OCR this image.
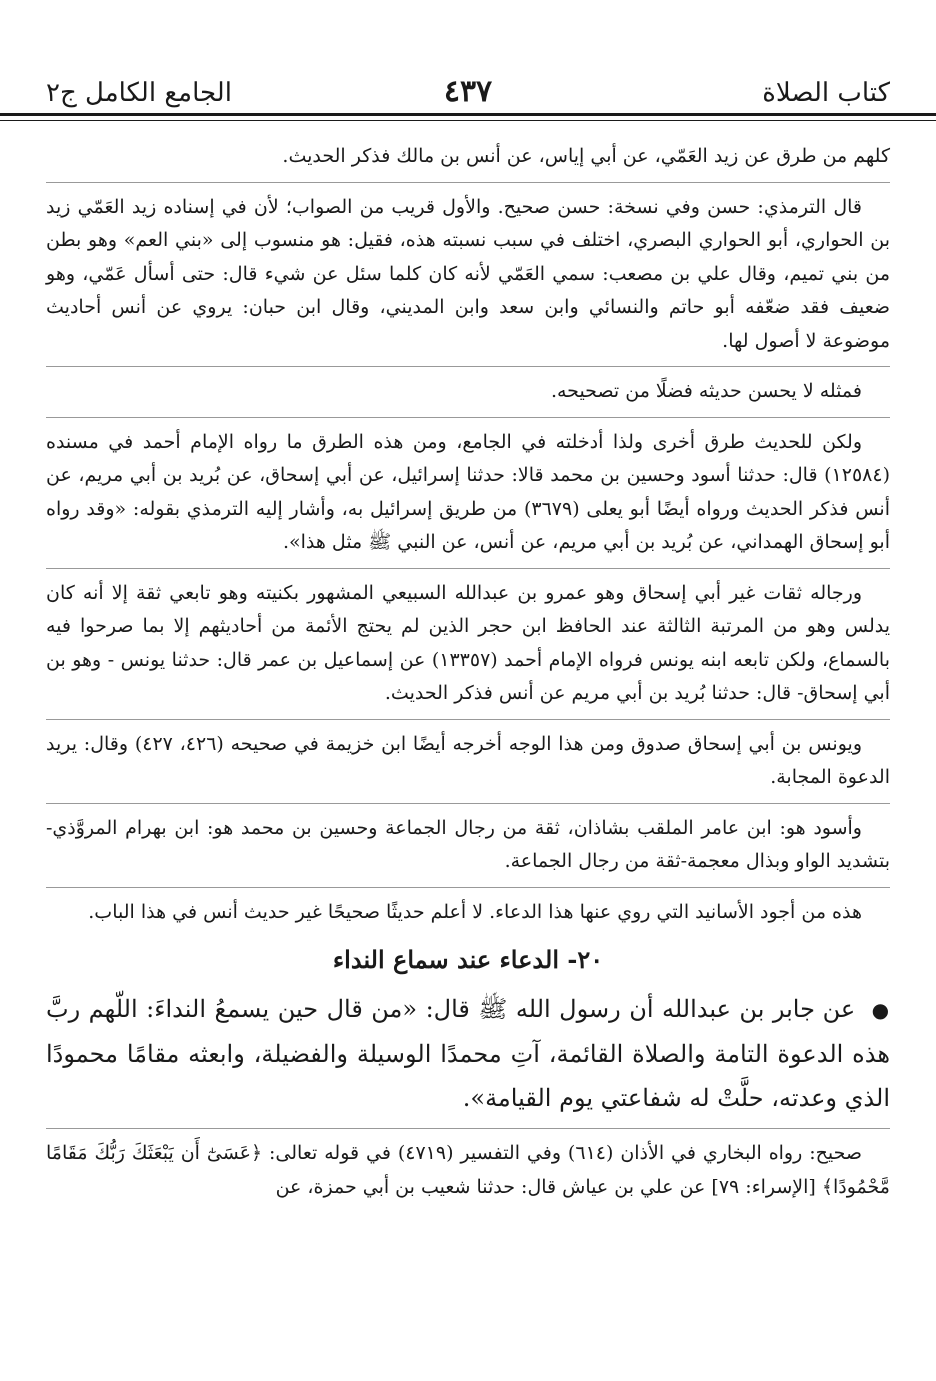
كتاب الصلاة
٤٣٧
الجامع الكامل ج٢

كلهم من طرق عن زيد العَمّي، عن أبي إياس، عن أنس بن مالك فذكر الحديث.

قال الترمذي: حسن وفي نسخة: حسن صحيح. والأول قريب من الصواب؛ لأن في إسناده زيد العَمّي زيد بن الحواري، أبو الحواري البصري، اختلف في سبب نسبته هذه، فقيل: هو منسوب إلى «بني العم» وهو بطن من بني تميم، وقال علي بن مصعب: سمي العَمّي لأنه كان كلما سئل عن شيء قال: حتى أسأل عَمّي، وهو ضعيف فقد ضعّفه أبو حاتم والنسائي وابن سعد وابن المديني، وقال ابن حبان: يروي عن أنس أحاديث موضوعة لا أصول لها.

فمثله لا يحسن حديثه فضلًا من تصحيحه.

ولكن للحديث طرق أخرى ولذا أدخلته في الجامع، ومن هذه الطرق ما رواه الإمام أحمد في مسنده (١٢٥٨٤) قال: حدثنا أسود وحسين بن محمد قالا: حدثنا إسرائيل، عن أبي إسحاق، عن بُريد بن أبي مريم، عن أنس فذكر الحديث ورواه أيضًا أبو يعلى (٣٦٧٩) من طريق إسرائيل به، وأشار إليه الترمذي بقوله: «وقد رواه أبو إسحاق الهمداني، عن بُريد بن أبي مريم، عن أنس، عن النبي ﷺ مثل هذا».

ورجاله ثقات غير أبي إسحاق وهو عمرو بن عبدالله السبيعي المشهور بكنيته وهو تابعي ثقة إلا أنه كان يدلس وهو من المرتبة الثالثة عند الحافظ ابن حجر الذين لم يحتج الأئمة من أحاديثهم إلا بما صرحوا فيه بالسماع، ولكن تابعه ابنه يونس فرواه الإمام أحمد (١٣٣٥٧) عن إسماعيل بن عمر قال: حدثنا يونس - وهو بن أبي إسحاق- قال: حدثنا بُريد بن أبي مريم عن أنس فذكر الحديث.

ويونس بن أبي إسحاق صدوق ومن هذا الوجه أخرجه أيضًا ابن خزيمة في صحيحه (٤٢٦، ٤٢٧) وقال: يريد الدعوة المجابة.

وأسود هو: ابن عامر الملقب بشاذان، ثقة من رجال الجماعة وحسين بن محمد هو: ابن بهرام المروَّذي-بتشديد الواو وبذال معجمة-ثقة من رجال الجماعة.

هذه من أجود الأسانيد التي روي عنها هذا الدعاء. لا أعلم حديثًا صحيحًا غير حديث أنس في هذا الباب.

٢٠- الدعاء عند سماع النداء

● عن جابر بن عبدالله أن رسول الله ﷺ قال: «من قال حين يسمعُ النداءَ: اللّهم ربَّ هذه الدعوة التامة والصلاة القائمة، آتِ محمدًا الوسيلة والفضيلة، وابعثه مقامًا محمودًا الذي وعدته، حلَّتْ له شفاعتي يوم القيامة».

صحيح: رواه البخاري في الأذان (٦١٤) وفي التفسير (٤٧١٩) في قوله تعالى: ﴿عَسَىٰٓ أَن يَبْعَثَكَ رَبُّكَ مَقَامًا مَّحْمُودًا﴾ [الإسراء: ٧٩] عن علي بن عياش قال: حدثنا شعيب بن أبي حمزة، عن
